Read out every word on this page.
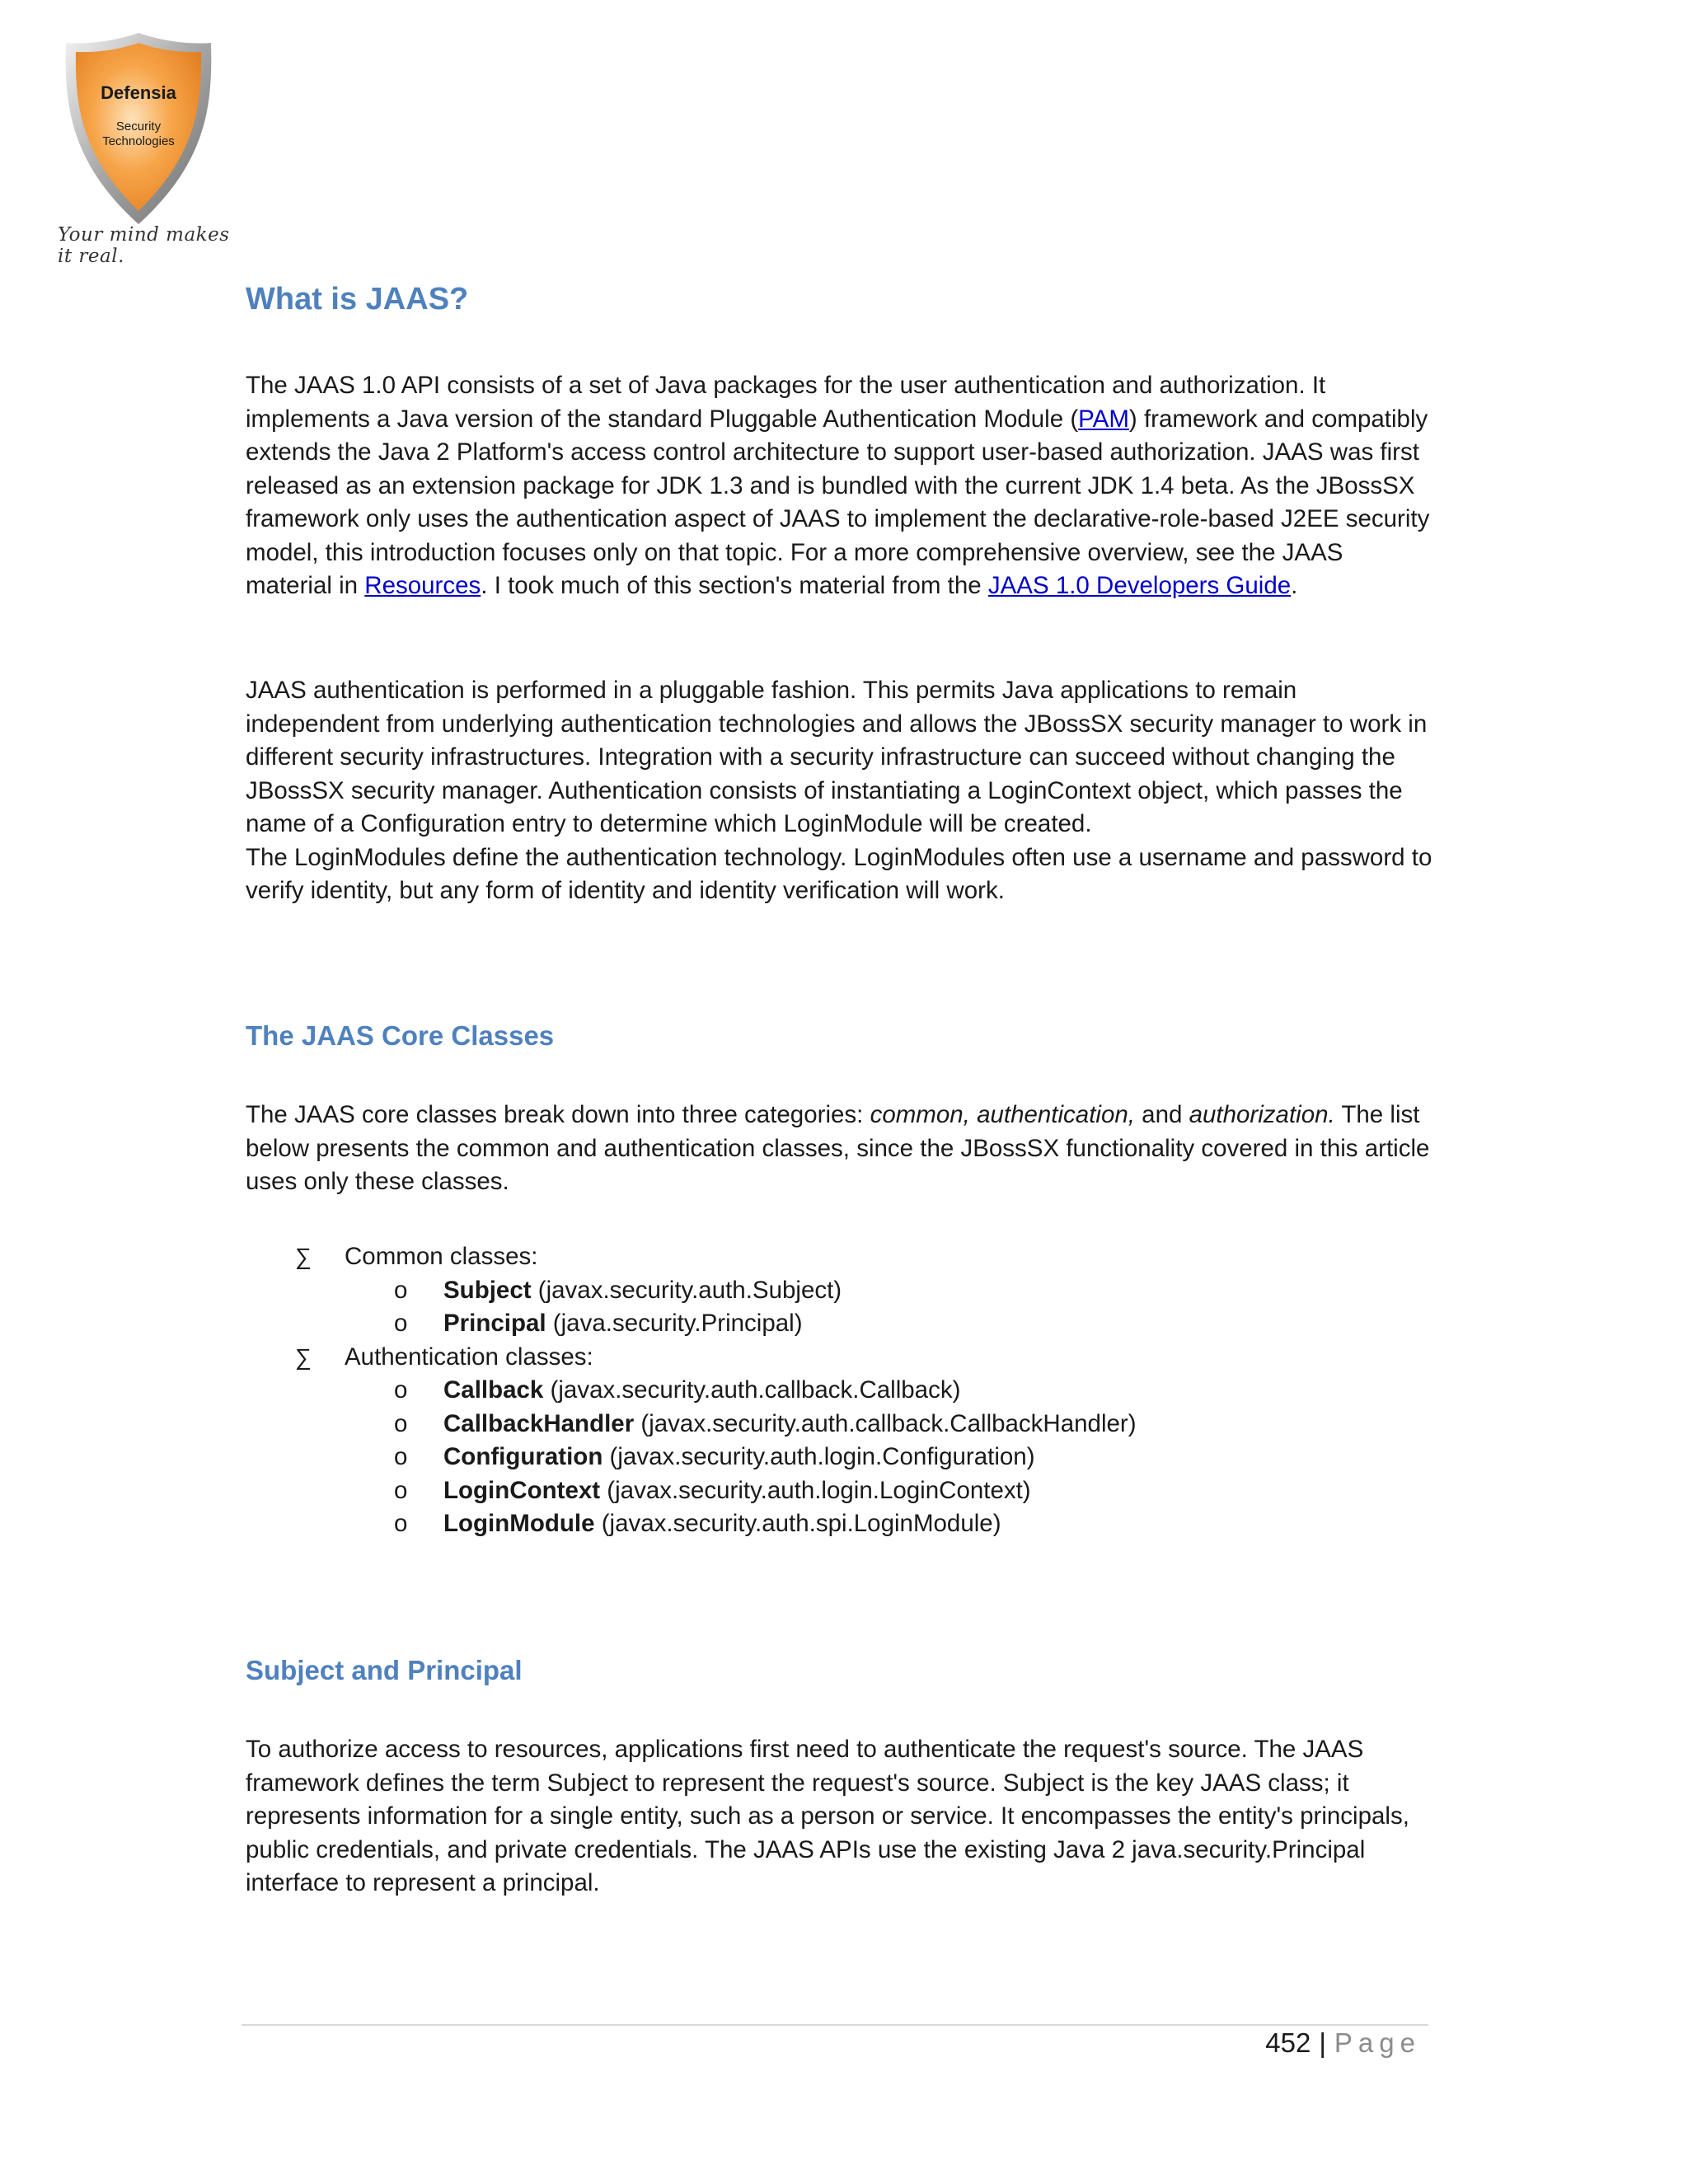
Defensia
Security
Technologies
Your mind makes it real.
What is JAAS?

The JAAS 1.0 API consists of a set of Java packages for the user authentication and authorization. It implements a Java version of the standard Pluggable Authentication Module (PAM) framework and compatibly extends the Java 2 Platform's access control architecture to support user-based authorization. JAAS was first released as an extension package for JDK 1.3 and is bundled with the current JDK 1.4 beta. As the JBossSX framework only uses the authentication aspect of JAAS to implement the declarative-role-based J2EE security model, this introduction focuses only on that topic. For a more comprehensive overview, see the JAAS material in Resources. I took much of this section's material from the JAAS 1.0 Developers Guide.

JAAS authentication is performed in a pluggable fashion. This permits Java applications to remain independent from underlying authentication technologies and allows the JBossSX security manager to work in different security infrastructures. Integration with a security infrastructure can succeed without changing the JBossSX security manager. Authentication consists of instantiating a LoginContext object, which passes the name of a Configuration entry to determine which LoginModule will be created.
The LoginModules define the authentication technology. LoginModules often use a username and password to verify identity, but any form of identity and identity verification will work.

The JAAS Core Classes

The JAAS core classes break down into three categories: common, authentication, and authorization. The list below presents the common and authentication classes, since the JBossSX functionality covered in this article uses only these classes.

∑ Common classes:
o Subject (javax.security.auth.Subject)
o Principal (java.security.Principal)
∑ Authentication classes:
o Callback (javax.security.auth.callback.Callback)
o CallbackHandler (javax.security.auth.callback.CallbackHandler)
o Configuration (javax.security.auth.login.Configuration)
o LoginContext (javax.security.auth.login.LoginContext)
o LoginModule (javax.security.auth.spi.LoginModule)
Subject and Principal

To authorize access to resources, applications first need to authenticate the request's source. The JAAS framework defines the term Subject to represent the request's source. Subject is the key JAAS class; it represents information for a single entity, such as a person or service. It encompasses the entity's principals, public credentials, and private credentials. The JAAS APIs use the existing Java 2 java.security.Principal interface to represent a principal.

452 | Page
